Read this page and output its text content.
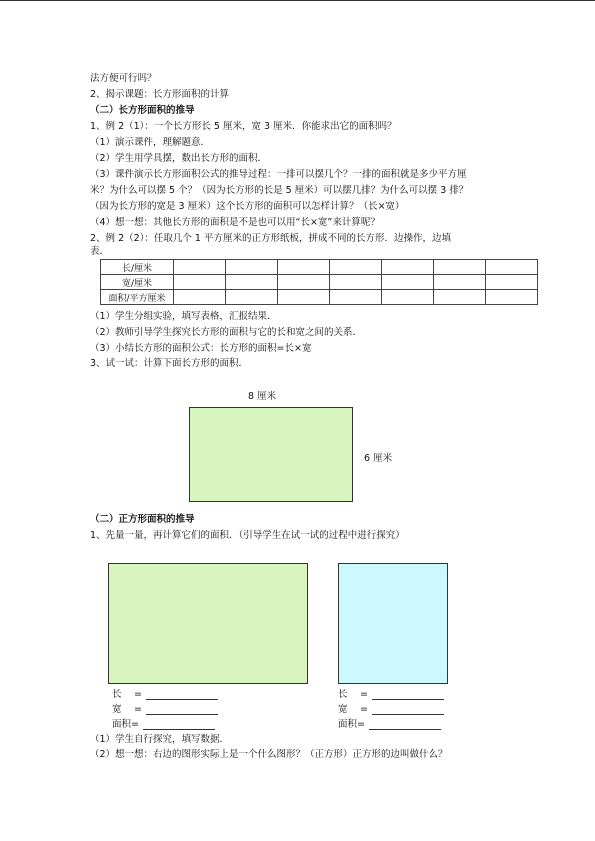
法方便可行吗？
2、揭示课题：长方形面积的计算
（二）长方形面积的推导
1、例 2（1）：一个长方形长 5 厘米，宽 3 厘米．你能求出它的面积吗？
（1）演示课件，理解题意．
（2）学生用学具摆，数出长方形的面积．
（3）课件演示长方形面积公式的推导过程：一排可以摆几个？一排的面积就是多少平方厘
米？为什么可以摆 5 个？（因为长方形的长是 5 厘米）可以摆几排？为什么可以摆 3 排？
（因为长方形的宽是 3 厘米）这个长方形的面积可以怎样计算？（长×宽）
（4）想一想：其他长方形的面积是不是也可以用“长×宽”来计算呢？
2、例 2（2）：任取几个 1 平方厘米的正方形纸板，拼成不同的长方形．边操作，边填
表．
长/厘米							
宽/厘米							
面积/平方厘米							
（1）学生分组实验，填写表格，汇报结果．
（2）教师引导学生探究长方形的面积与它的长和宽之间的关系．
（3）小结长方形的面积公式：长方形的面积=长×宽
3、试一试：计算下面长方形的面积．
8 厘米
6 厘米
（二）正方形面积的推导
1、先量一量，再计算它们的面积．（引导学生在试一试的过程中进行探究）
长 　=
宽 　=
面积=
长 　=
宽 　=
面积=
（1）学生自行探究，填写数据．
（2）想一想：右边的图形实际上是一个什么图形？（正方形）正方形的边叫做什么？
